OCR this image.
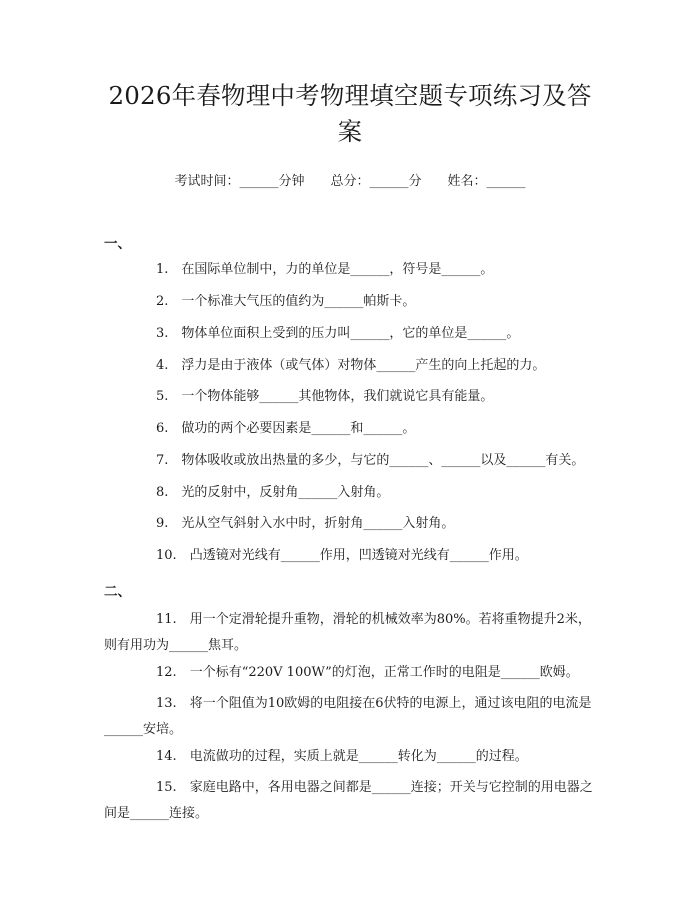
2026年春物理中考物理填空题专项练习及答案
考试时间：______分钟　　总分：______分　　姓名：______
一、
1.　 在国际单位制中，力的单位是______，符号是______。
2.　 一个标准大气压的值约为______帕斯卡。
3.　 物体单位面积上受到的压力叫______，它的单位是______。
4.　 浮力是由于液体（或气体）对物体______产生的向上托起的力。
5.　 一个物体能够______其他物体，我们就说它具有能量。
6.　 做功的两个必要因素是______和______。
7.　 物体吸收或放出热量的多少，与它的______、______以及______有关。
8.　 光的反射中，反射角______入射角。
9.　 光从空气斜射入水中时，折射角______入射角。
10.　 凸透镜对光线有______作用，凹透镜对光线有______作用。
二、
11.　 用一个定滑轮提升重物，滑轮的机械效率为80%。若将重物提升2米，则有用功为______焦耳。
12.　 一个标有“220V 100W”的灯泡，正常工作时的电阻是______欧姆。
13.　 将一个阻值为10欧姆的电阻接在6伏特的电源上，通过该电阻的电流是______安培。
14.　 电流做功的过程，实质上就是______转化为______的过程。
15.　 家庭电路中，各用电器之间都是______连接；开关与它控制的用电器之间是______连接。
